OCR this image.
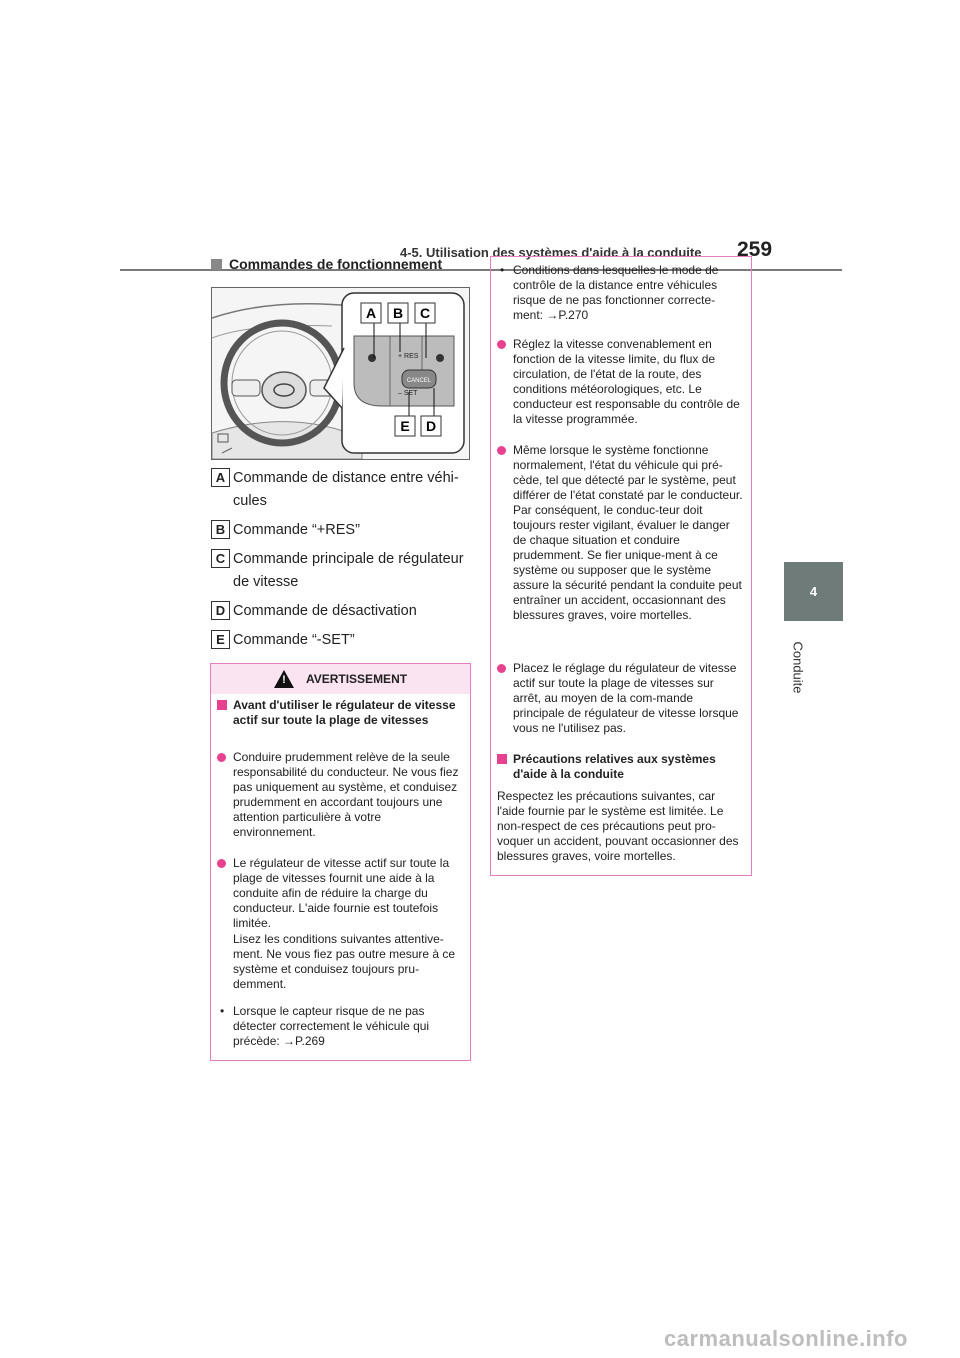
4-5. Utilisation des systèmes d'aide à la conduite 259
4
Conduite
Commandes de fonctionnement
CANCEL
+ RES
– SET
A B C
D
E
A Commande de distance entre véhi-cules
B Commande “+RES”
C Commande principale de régulateur de vitesse
D Commande de désactivation
E Commande “-SET”
! AVERTISSEMENT
Avant d'utiliser le régulateur de vitesse actif sur toute la plage de vitesses
Conduire prudemment relève de la seule responsabilité du conducteur. Ne vous fiez pas uniquement au système, et conduisez prudemment en accordant toujours une attention particulière à votre environnement.
Le régulateur de vitesse actif sur toute la plage de vitesses fournit une aide à la conduite afin de réduire la charge du conducteur. L'aide fournie est toutefois limitée.
Lisez les conditions suivantes attentive-ment. Ne vous fiez pas outre mesure à ce système et conduisez toujours pru-demment.
• Lorsque le capteur risque de ne pas détecter correctement le véhicule qui précède: →P.269
• Conditions dans lesquelles le mode de contrôle de la distance entre véhicules risque de ne pas fonctionner correcte-ment: →P.270
Réglez la vitesse convenablement en fonction de la vitesse limite, du flux de circulation, de l'état de la route, des conditions météorologiques, etc. Le conducteur est responsable du contrôle de la vitesse programmée.
Même lorsque le système fonctionne normalement, l'état du véhicule qui pré-cède, tel que détecté par le système, peut différer de l'état constaté par le conducteur. Par conséquent, le conduc-teur doit toujours rester vigilant, évaluer le danger de chaque situation et conduire prudemment. Se fier unique-ment à ce système ou supposer que le système assure la sécurité pendant la conduite peut entraîner un accident, occasionnant des blessures graves, voire mortelles.
Placez le réglage du régulateur de vitesse actif sur toute la plage de vitesses sur arrêt, au moyen de la com-mande principale de régulateur de vitesse lorsque vous ne l'utilisez pas.
Précautions relatives aux systèmes d'aide à la conduite
Respectez les précautions suivantes, car l'aide fournie par le système est limitée. Le non-respect de ces précautions peut pro-voquer un accident, pouvant occasionner des blessures graves, voire mortelles.
carmanualsonline.info
